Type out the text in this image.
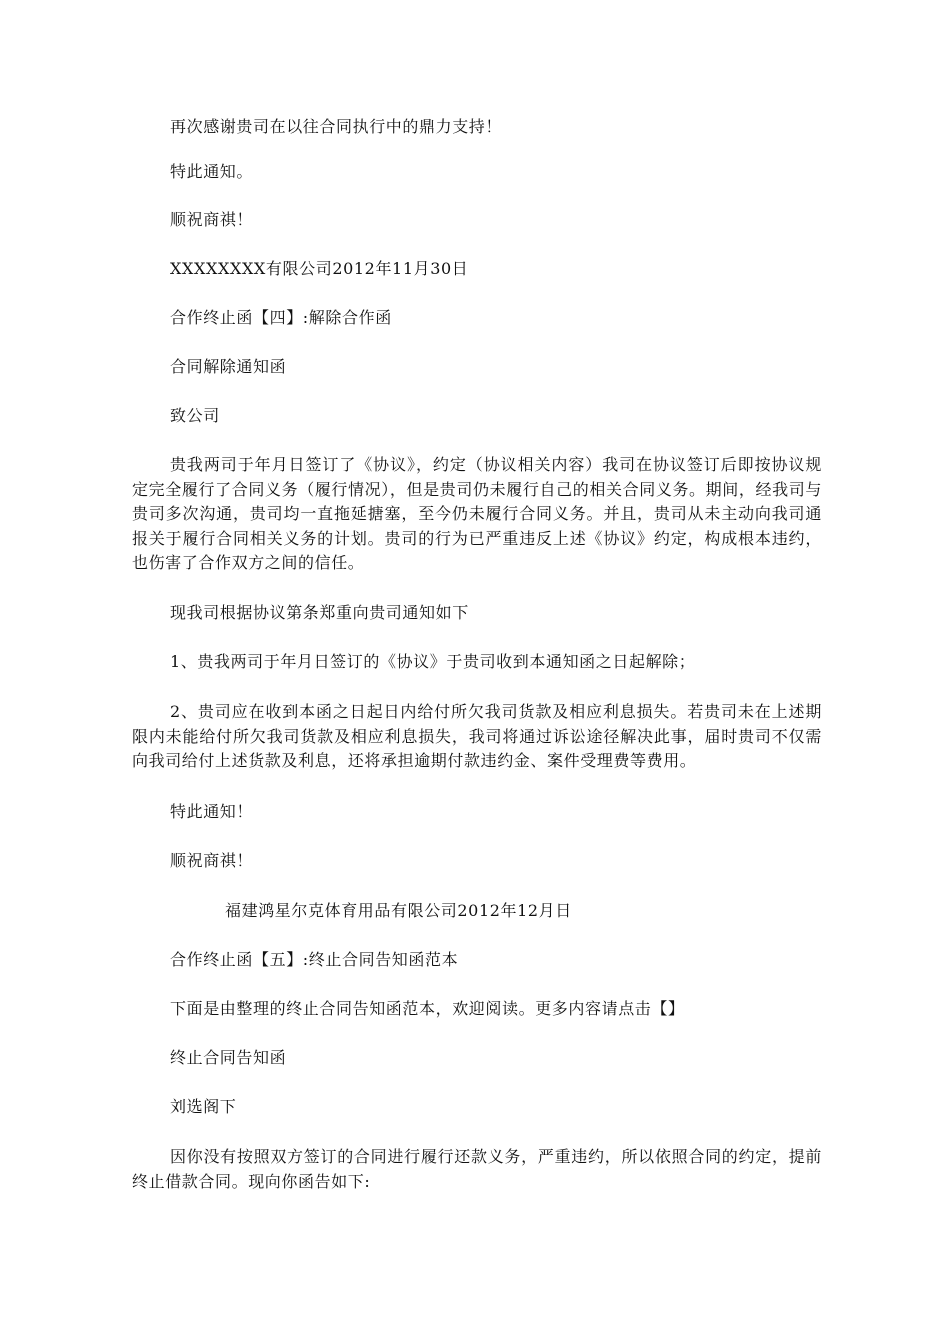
再次感谢贵司在以往合同执行中的鼎力支持！
特此通知。
顺祝商祺！
XXXXXXXX有限公司2012年11月30日
合作终止函【四】:解除合作函
合同解除通知函
致公司
贵我两司于年月日签订了《协议》，约定（协议相关内容）我司在协议签订后即按协议规定完全履行了合同义务（履行情况），但是贵司仍未履行自己的相关合同义务。期间，经我司与贵司多次沟通，贵司均一直拖延搪塞，至今仍未履行合同义务。并且，贵司从未主动向我司通报关于履行合同相关义务的计划。贵司的行为已严重违反上述《协议》约定，构成根本违约，也伤害了合作双方之间的信任。
现我司根据协议第条郑重向贵司通知如下
1、贵我两司于年月日签订的《协议》于贵司收到本通知函之日起解除；
2、贵司应在收到本函之日起日内给付所欠我司货款及相应利息损失。若贵司未在上述期限内未能给付所欠我司货款及相应利息损失，我司将通过诉讼途径解决此事，届时贵司不仅需向我司给付上述货款及利息，还将承担逾期付款违约金、案件受理费等费用。
特此通知！
顺祝商祺！
福建鸿星尔克体育用品有限公司2012年12月日
合作终止函【五】:终止合同告知函范本
下面是由整理的终止合同告知函范本，欢迎阅读。更多内容请点击【】
终止合同告知函
刘选阁下
因你没有按照双方签订的合同进行履行还款义务，严重违约，所以依照合同的约定，提前终止借款合同。现向你函告如下:
